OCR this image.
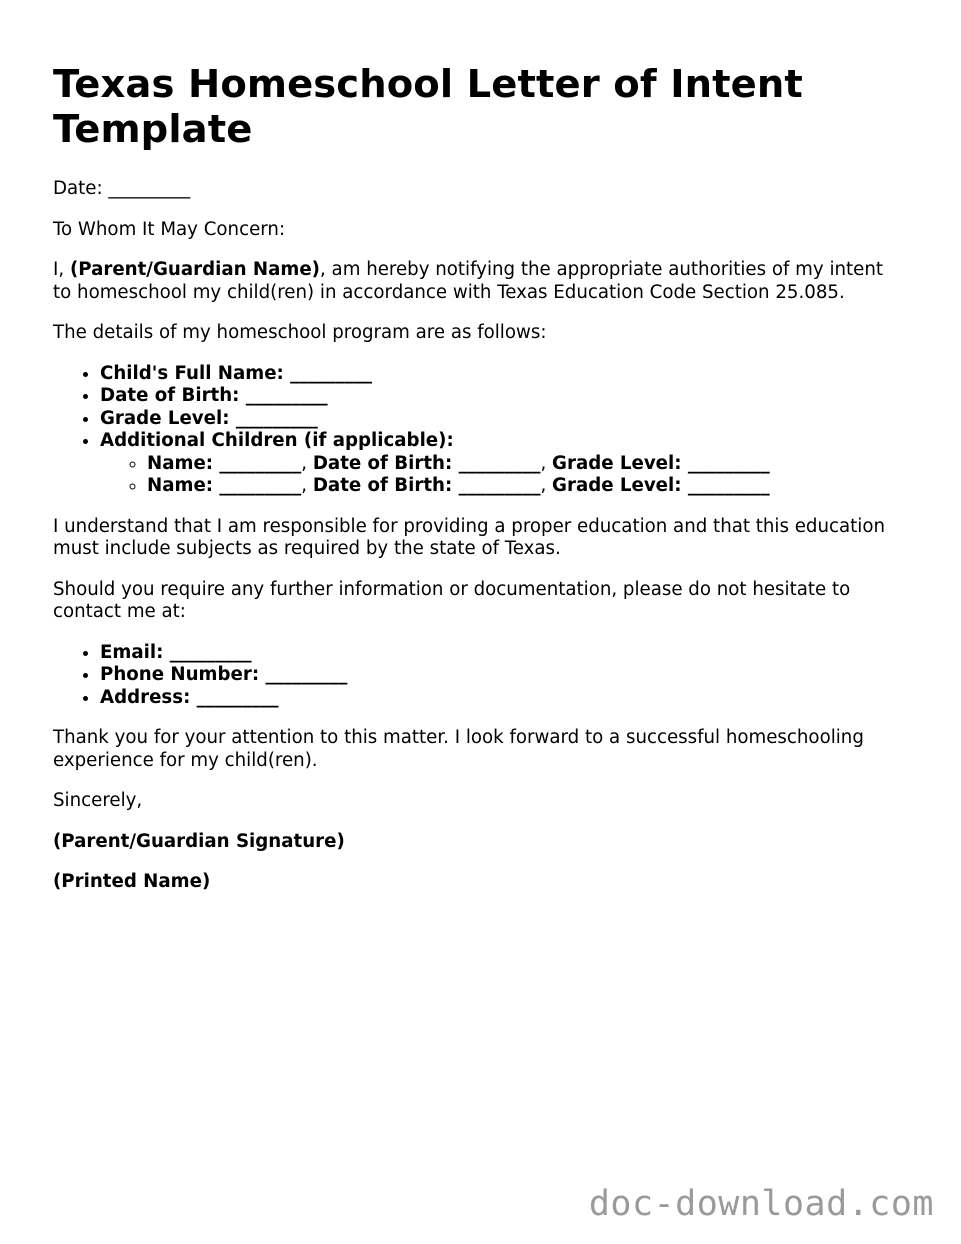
Texas Homeschool Letter of Intent Template

Date: _________

To Whom It May Concern:

I, (Parent/Guardian Name), am hereby notifying the appropriate authorities of my intent to homeschool my child(ren) in accordance with Texas Education Code Section 25.085.

The details of my homeschool program are as follows:

• Child's Full Name: _________
• Date of Birth: _________
• Grade Level: _________
• Additional Children (if applicable):
◦ Name: _________, Date of Birth: _________, Grade Level: _________
◦ Name: _________, Date of Birth: _________, Grade Level: _________

I understand that I am responsible for providing a proper education and that this education must include subjects as required by the state of Texas.

Should you require any further information or documentation, please do not hesitate to contact me at:

• Email: _________
• Phone Number: _________
• Address: _________

Thank you for your attention to this matter. I look forward to a successful homeschooling experience for my child(ren).

Sincerely,

(Parent/Guardian Signature)

(Printed Name)

doc-download.com
